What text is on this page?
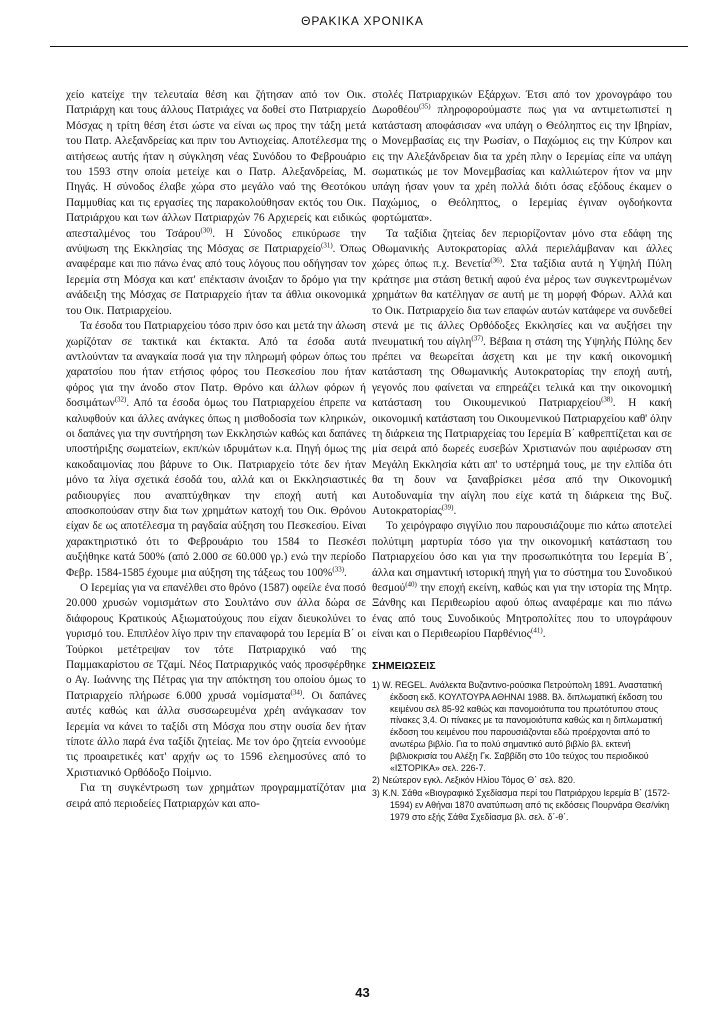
ΘΡΑΚΙΚΑ ΧΡΟΝΙΚΑ

χείο κατείχε την τελευταία θέση και ζήτησαν από τον Οικ. Πατριάρχη και τους άλλους Πατριάχες να δοθεί στο Πατριαρχείο Μόσχας η τρίτη θέση έτσι ώστε να είναι ως προς την τάξη μετά του Πατρ. Αλεξανδρείας και πριν του Αντιοχείας. Αποτέλεσμα της αιτήσεως αυτής ήταν η σύγκληση νέας Συνόδου το Φεβρουάριο του 1593 στην οποία μετείχε και ο Πατρ. Αλεξανδρείας, Μ. Πηγάς. Η σύνοδος έλαβε χώρα στο μεγάλο ναό της Θεοτόκου Παμμυθίας και τις εργασίες της παρακολούθησαν εκτός του Οικ. Πατριάρχου και των άλλων Πατριαρχών 76 Αρχιερείς και ειδικώς απεσταλμένος του Τσάρου$^{(30)}$. Η Σύνοδος επικύρωσε την ανύψωση της Εκκλησίας της Μόσχας σε Πατριαρχείο$^{(31)}$. Όπως αναφέραμε και πιο πάνω ένας από τους λόγους που οδήγησαν τον Ιερεμία στη Μόσχα και κατ' επέκτασιν άνοιξαν το δρόμο για την ανάδειξη της Μόσχας σε Πατριαρχείο ήταν τα άθλια οικονομικά του Οικ. Πατριαρχείου.

Τα έσοδα του Πατριαρχείου τόσο πριν όσο και μετά την άλωση χωρίζόταν σε τακτικά και έκτακτα. Από τα έσοδα αυτά αντλούνταν τα αναγκαία ποσά για την πληρωμή φόρων όπως του χαρατσίου που ήταν ετήσιος φόρος του Πεσκεσίου που ήταν φόρος για την άνοδο στον Πατρ. Θρόνο και άλλων φόρων ή δοσιμάτων$^{(32)}$. Από τα έσοδα όμως του Πατριαρχείου έπρεπε να καλυφθούν και άλλες ανάγκες όπως η μισθοδοσία των κληρικών, οι δαπάνες για την συντήρηση των Εκκλησιών καθώς και δαπάνες υποστήριξης σωματείων, εκπ/κών ιδρυμάτων κ.α. Πηγή όμως της κακοδαιμονίας που βάρυνε το Οικ. Πατριαρχείο τότε δεν ήταν μόνο τα λίγα σχετικά έσοδά του, αλλά και οι Εκκλησιαστικές ραδιουργίες που αναπτύχθηκαν την εποχή αυτή και αποσκοπούσαν στην δια των χρημάτων κατοχή του Οικ. Θρόνου είχαν δε ως αποτέλεσμα τη ραγδαία αύξηση του Πεσκεσίου. Είναι χαρακτηριστικό ότι το Φεβρουάριο του 1584 το Πεσκέσι αυξήθηκε κατά 500% (από 2.000 σε 60.000 γρ.) ενώ την περίοδο Φεβρ. 1584-1585 έχουμε μια αύξηση της τάξεως του 100%$^{(33)}$.

Ο Ιερεμίας για να επανέλθει στο θρόνο (1587) οφείλε ένα ποσό 20.000 χρυσών νομισμάτων στο Σουλτάνο συν άλλα δώρα σε διάφορους Κρατικούς Αξιωματούχους που είχαν διευκολύνει το γυρισμό του. Επιπλέον λίγο πριν την επαναφορά του Ιερεμία Β΄ οι Τούρκοι μετέτρεψαν τον τότε Πατριαρχικό ναό της Παμμακαρίστου σε Τζαμί. Νέος Πατριαρχικός ναός προσφέρθηκε ο Αγ. Ιωάννης της Πέτρας για την απόκτηση του οποίου όμως το Πατριαρχείο πλήρωσε 6.000 χρυσά νομίσματα$^{(34)}$. Οι δαπάνες αυτές καθώς και άλλα συσσωρευμένα χρέη ανάγκασαν τον Ιερεμία να κάνει το ταξίδι στη Μόσχα που στην ουσία δεν ήταν τίποτε άλλο παρά ένα ταξίδι ζητείας. Με τον όρο ζητεία εννοούμε τις προαιρετικές κατ' αρχήν ως το 1596 ελεημοσύνες από το Χριστιανικό Ορθόδοξο Ποίμνιο.

Για τη συγκέντρωση των χρημάτων προγραμματίζόταν μια σειρά από περιοδείες Πατριαρχών και απο-

στολές Πατριαρχικών Εξάρχων. Έτσι από τον χρονογράφο του Δωροθέου$^{(35)}$ πληροφορούμαστε πως για να αντιμετωπιστεί η κατάσταση αποφάσισαν «να υπάγη ο Θεόληπτος εις την Ιβηρίαν, ο Μονεμβασίας εις την Ρωσίαν, ο Παχώμιος εις την Κύπρον και εις την Αλεξάνδρειαν δια τα χρέη πλην ο Ιερεμίας είπε να υπάγη σωματικώς με τον Μονεμβασίας και καλλιώτερον ήτον να μην υπάγη ήσαν γουν τα χρέη πολλά διότι όσας εξόδους έκαμεν ο Παχώμιος, ο Θεόληπτος, ο Ιερεμίας έγιναν ογδοήκοντα φορτώματα».

Τα ταξίδια ζητείας δεν περιορίζονταν μόνο στα εδάφη της Οθωμανικής Αυτοκρατορίας αλλά περιελάμβαναν και άλλες χώρες όπως π.χ. Βενετία$^{(36)}$. Στα ταξίδια αυτά η Υψηλή Πύλη κράτησε μια στάση θετική αφού ένα μέρος των συγκεντρωμένων χρημάτων θα κατέληγαν σε αυτή με τη μορφή Φόρων. Αλλά και το Οικ. Πατριαρχείο δια των επαφών αυτών κατάφερε να συνδεθεί στενά με τις άλλες Ορθόδοξες Εκκλησίες και να αυξήσει την πνευματική του αίγλη$^{(37)}$. Βέβαια η στάση της Υψηλής Πύλης δεν πρέπει να θεωρείται άσχετη και με την κακή οικονομική κατάσταση της Οθωμανικής Αυτοκρατορίας την εποχή αυτή, γεγονός που φαίνεται να επηρεάζει τελικά και την οικονομική κατάσταση του Οικουμενικού Πατριαρχείου$^{(38)}$. Η κακή οικονομική κατάσταση του Οικουμενικού Πατριαρχείου καθ' όλην τη διάρκεια της Πατριαρχείας του Ιερεμία Β΄ καθρεπτίζεται και σε μία σειρά από δωρεές ευσεβών Χριστιανών που αφιέρωσαν στη Μεγάλη Εκκλησία κάτι απ' το υστέρημά τους, με την ελπίδα ότι θα τη δουν να ξαναβρίσκει μέσα από την Οικονομική Αυτοδυναμία την αίγλη που είχε κατά τη διάρκεια της Βυζ. Αυτοκρατορίας$^{(39)}$.

Το χειρόγραφο σιγγίλιο που παρουσιάζουμε πιο κάτω αποτελεί πολύτιμη μαρτυρία τόσο για την οικονομική κατάσταση του Πατριαρχείου όσο και για την προσωπικότητα του Ιερεμία Β΄, άλλα και σημαντική ιστορική πηγή για το σύστημα του Συνοδικού θεσμού$^{(40)}$ την εποχή εκείνη, καθώς και για την ιστορία της Μητρ. Ξάνθης και Περιθεωρίου αφού όπως αναφέραμε και πιο πάνω ένας από τους Συνοδικούς Μητροπολίτες που το υπογράφουν είναι και ο Περιθεωρίου Παρθένιος$^{(41)}$.

ΣΗΜΕΙΩΣΕΙΣ
1) W. REGEL. Ανάλεκτα Βυζαντινο-ρούσικα Πετρούπολη 1891. Αναστατική έκδοση εκδ. ΚΟΥΛΤΟΥΡΑ ΑΘΗΝΑΙ 1988. Βλ. διπλωματική έκδοση του κειμένου σελ 85-92 καθώς και πανομοιότυπα του πρωτότυπου στους πίνακες 3,4. Οι πίνακες με τα πανομοιότυπα καθώς και η διπλωματική έκδοση του κειμένου που παρουσιάζονται εδώ προέρχονται από το ανωτέρω βιβλίο. Για το πολύ σημαντικό αυτό βιβλίο βλ. εκτενή βιβλιοκρισία του Αλέξη Γκ. Σαββίδη στο 10ο τεύχος του περιοδικού «ΙΣΤΟΡΙΚΑ» σελ. 226-7.
2) Νεώτερον εγκλ. Λεξικόν Ηλίου Τόμος Θ΄ σελ. 820.
3) Κ.Ν. Σάθα «Βιογραφικό Σχεδίασμα περί του Πατριάρχου Ιερεμία Β΄ (1572-1594) εν Αθήναι 1870 ανατύπωση από τις εκδόσεις Πουρνάρα Θεσ/νίκη 1979 στο εξής Σάθα Σχεδίασμα βλ. σελ. δ΄-θ΄.
43
